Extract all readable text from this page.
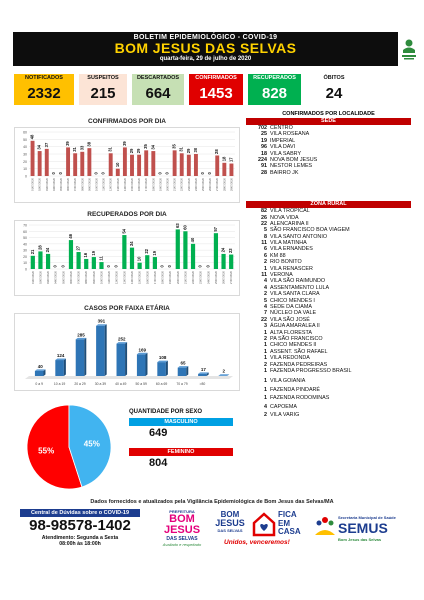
BOLETIM EPIDEMIOLÓGICO - COVID-19
BOM JESUS DAS SELVAS
quarta-feira, 29 de julho de 2020
NOTIFICADOS
2332
SUSPEITOS
215
DESCARTADOS
664
CONFIRMADOS
1453
RECUPERADOS
828
ÓBITOS
24
CONFIRMADOS POR DIA
0
10
20
30
40
50
60
48
01/07/2020
34
02/07/2020
37
03/07/2020
0
04/07/2020
0
05/07/2020
39
06/07/2020
31
07/07/2020
33
08/07/2020
38
09/07/2020
0
10/07/2020
0
11/07/2020
31
12/07/2020
10
13/07/2020
39
14/07/2020
29
15/07/2020
29
16/07/2020
35
17/07/2020
34
18/07/2020
0
19/07/2020
0
20/07/2020
35
21/07/2020
31
22/07/2020
29
23/07/2020
30
24/07/2020
0
25/07/2020
0
26/07/2020
28
27/07/2020
18
28/07/2020
17
29/07/2020
RECUPERADOS POR DIA
0
10
20
30
40
50
60
70
21
01/07/2020
28
02/07/2020
24
03/07/2020
0
04/07/2020
0
05/07/2020
46
06/07/2020
27
07/07/2020
16
08/07/2020
19
09/07/2020
11
10/07/2020
0
11/07/2020
0
12/07/2020
54
13/07/2020
34
14/07/2020
10
15/07/2020
22
16/07/2020
19
17/07/2020
0
18/07/2020
0
19/07/2020
63
20/07/2020
60
21/07/2020
40
22/07/2020
0
23/07/2020
0
24/07/2020
57
25/07/2020
24
26/07/2020
23
27/07/2020
CASOS POR FAIXA ETÁRIA
40
0 a 9
124
10 a 19
285
20 a 29
391
30 a 39
252
40 a 49
169
50 a 59
108
60 a 69
65
70 a 79
17
>80
2
55%
45%
QUANTIDADE POR SEXO
MASCULINO
649
FEMININO
804
CONFIRMADOS POR LOCALIDADE
SEDE
702 CENTRO
25 VILA ROSEANA
19 IMPERIAL
96 VILA DAVI
18 VILA SABRY
224 NOVA BOM JESUS
91 NESTOR LEMES
28 BAIRRO JK
ZONA RURAL
82 VILA TROPICAL
26 NOVA VIDA
22 ALENCARINA II
5 SÃO FRANCISCO BOA VIAGEM
8 VILA SANTO ANTONIO
11 VILA MATINHA
6 VILA ERNANDES
6 KM 88
2 RIO BONITO
1 VILA RENASCER
11 VERONA
4 VILA SÃO RAIMUNDO
4 ASSENTAMENTO LULA
2 VILA SANTA CLARA
5 CHICO MENDES I
4 SEDE DA CIAMA
7 NÚCLEO DA VALE
22 VILA SÃO JOSÉ
3 ÁGUA AMARALEA II
1 ALTA FLORESTA
2 PA SÃO FRANCISCO
1 CHICO MENDES II
1 ASSENT. SÃO RAFAEL
1 VILA REDONDA
2 FAZENDA PEDREIRAS
1 FAZENDA PROGRESSO BRASIL
1 VILA GOIANIA
1 FAZENDA PINDARÉ
1 FAZENDA RODOMINAS
4 CAPOEMA
2 VILA VARIG
Dados fornecidos e atualizados pela Vigilância Epidemiológica de Bom Jesus das Selvas/MA
Central de Dúvidas sobre o COVID-19
98-98578-1402
Atendimento: Segunda a Sexta
08:00h às 18:00h
PREFEITURA
BOM JESUS
DAS SELVAS
Avaliado e respeitado
BOM
JESUS
DAS SELVAS
FICA
EM
CASA
Unidos, venceremos!
Secretaria Municipal de Saúde
SEMUS
Bom Jesus das Selvas
